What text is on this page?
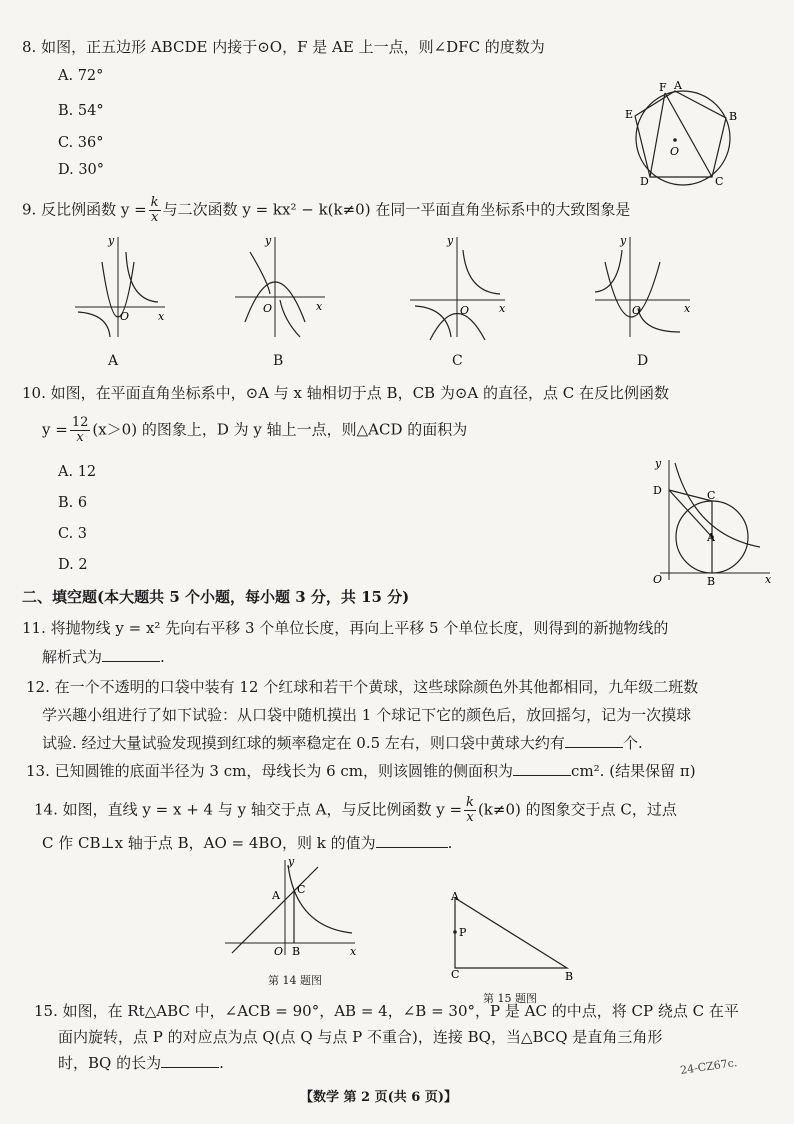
8. 如图，正五边形 ABCDE 内接于⊙O，F 是 AE 上一点，则∠DFC 的度数为
A. 72°
B. 54°
C. 36°
D. 30°
F A
E	B
O
D	C
9. 反比例函数 $y = \frac{k}{x}$ 与二次函数 y = kx² − k(k≠0) 在同一平面直角坐标系中的大致图象是
x
y
O
A
x
y
O
B
x
y
O
C
x
y
O
D
10. 如图，在平面直角坐标系中，⊙A 与 x 轴相切于点 B，CB 为⊙A 的直径，点 C 在反比例函数
$y = \frac{12}{x} (x>0)$ 的图象上，D 为 y 轴上一点，则△ACD 的面积为
A. 12
B. 6
C. 3
D. 2
y
D	C
A
O	B	x
二、填空题(本大题共 5 个小题，每小题 3 分，共 15 分)
11. 将抛物线 y = x² 先向右平移 3 个单位长度，再向上平移 5 个单位长度，则得到的新抛物线的
解析式为	.
12. 在一个不透明的口袋中装有 12 个红球和若干个黄球，这些球除颜色外其他都相同，九年级二班数
学兴趣小组进行了如下试验：从口袋中随机摸出 1 个球记下它的颜色后，放回摇匀，记为一次摸球
试验. 经过大量试验发现摸到红球的频率稳定在 0.5 左右，则口袋中黄球大约有	个.
13. 已知圆锥的底面半径为 3 cm，母线长为 6 cm，则该圆锥的侧面积为	cm². (结果保留 π)
14. 如图，直线 y = x + 4 与 y 轴交于点 A，与反比例函数 $y = \frac{k}{x} (k\ne 0)$ 的图象交于点 C，过点
C 作 CB⊥x 轴于点 B，AO = 4BO，则 k 的值为	.
y
A C
O B	x
第 14 题图
A
P
C	B
第 15 题图
15. 如图，在 Rt△ABC 中，∠ACB = 90°，AB = 4，∠B = 30°，P 是 AC 的中点，将 CP 绕点 C 在平
面内旋转，点 P 的对应点为点 Q(点 Q 与点 P 不重合)，连接 BQ，当△BCQ 是直角三角形
时，BQ 的长为	.	24-CZ67c.
【数学 第 2 页(共 6 页)】
